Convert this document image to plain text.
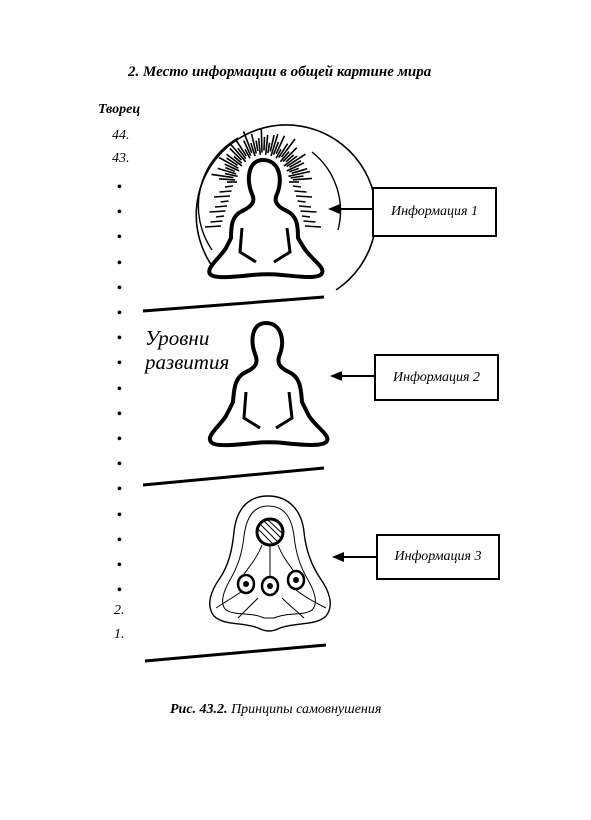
2. Место информации в общей картине мира
Творец
44.
43.
•
•
•
•
•
•
•
•
•
•
•
•
•
•
•
•
•
2.
1.
Уровни
развития
Информация 1
Информация 2
Информация 3
Рис. 43.2. Принципы самовнушения
